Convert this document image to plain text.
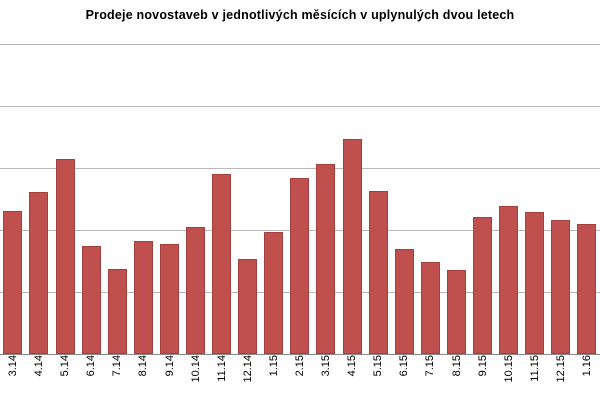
Prodeje novostaveb v jednotlivých měsících v uplynulých dvou letech
3.14 4.14 5.14 6.14 7.14 8.14 9.14 10.14 11.14 12.14 1.15 2.15 3.15 4.15 5.15 6.15 7.15 8.15 9.15 10.15 11.15 12.15 1.16
